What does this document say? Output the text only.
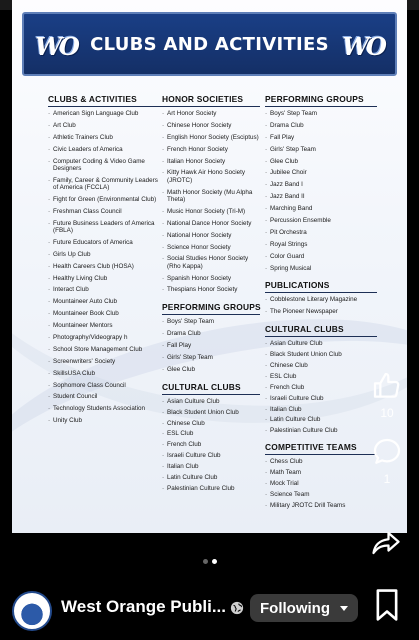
WO CLUBS AND ACTIVITIES WO
CLUBS & ACTIVITIES
· American Sign Language Club
· Art Club
· Athletic Trainers Club
· Civic Leaders of America
· Computer Coding & Video Game Designers
· Family, Career & Community Leaders of America (FCCLA)
· Fight for Green (Environmental Club)
· Freshman Class Council
· Future Business Leaders of America (FBLA)
· Future Educators of America
· Girls Up Club
· Health Careers Club (HOSA)
· Healthy Living Club
· Interact Club
· Mountaineer Auto Club
· Mountaineer Book Club
· Mountaineer Mentors
· Photography/Videograpy h
· School Store Management Club
· Screenwriters' Society
· SkillsUSA Club
· Sophomore Class Council
· Student Council
· Technology Students Association
· Unity Club
HONOR SOCIETIES
· Art Honor Society
· Chinese Honor Society
· English Honor Society (Esciptus)
· French Honor Society
· Italian Honor Society
· Kitty Hawk Air Hono Society (JROTC)
· Math Honor Society (Mu Alpha Theta)
· Music Honor Society (Tri-M)
· National Dance Honor Society
· National Honor Society
· Science Honor Society
· Social Studies Honor Society (Rho Kappa)
· Spanish Honor Society
· Thespians Honor Society
PERFORMING GROUPS
· Boys' Step Team
· Drama Club
· Fall Play
· Girls' Step Team
· Glee Club
CULTURAL CLUBS
· Asian Culture Club
· Black Student Union Club
· Chinese Club
· ESL Club
· French Club
· Israeli Culture Club
· Italian Club
· Latin Culture Club
· Palestinian Culture Club
PERFORMING GROUPS
· Boys' Step Team
· Drama Club
· Fall Play
· Girls' Step Team
· Glee Club
· Jubilee Choir
· Jazz Band I
· Jazz Band II
· Marching Band
· Percussion Ensemble
· Pit Orchestra
· Royal Strings
· Color Guard
· Spring Musical
PUBLICATIONS
· Cobblestone Literary Magazine
· The Pioneer Newspaper
CULTURAL CLUBS
· Asian Culture Club
· Black Student Union Club
· Chinese Club
· ESL Club
· French Club
· Israeli Culture Club
· Italian Club
· Latin Culture Club
· Palestinian Culture Club
COMPETITIVE TEAMS
· Chess Club
· Math Team
· Mock Trial
· Science Team
· Military JROTC Drill Teams
10
1
West Orange Publi... Following
